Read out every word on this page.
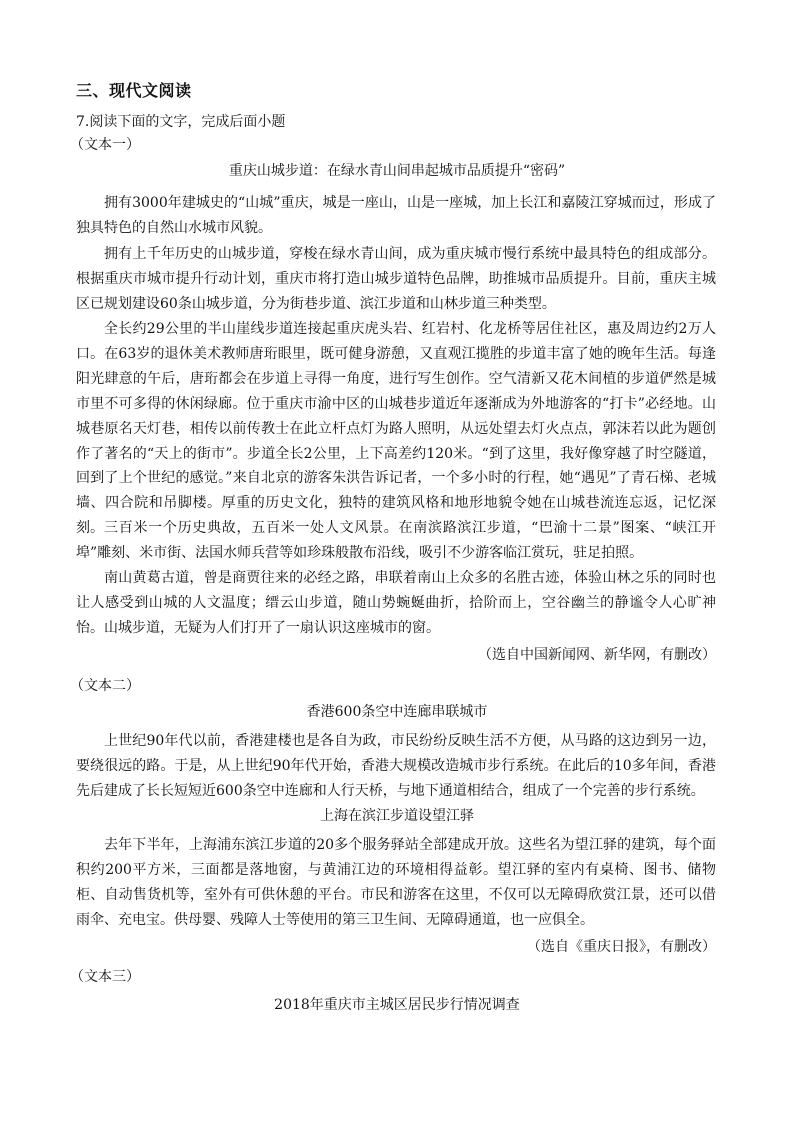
三、现代文阅读
7.阅读下面的文字，完成后面小题
（文本一）
重庆山城步道：在绿水青山间串起城市品质提升“密码”
拥有3000年建城史的“山城”重庆，城是一座山，山是一座城，加上长江和嘉陵江穿城而过，形成了独具特色的自然山水城市风貌。
拥有上千年历史的山城步道，穿梭在绿水青山间，成为重庆城市慢行系统中最具特色的组成部分。根据重庆市城市提升行动计划，重庆市将打造山城步道特色品牌，助推城市品质提升。目前，重庆主城区已规划建设60条山城步道，分为街巷步道、滨江步道和山林步道三种类型。
全长约29公里的半山崖线步道连接起重庆虎头岩、红岩村、化龙桥等居住社区，惠及周边约2万人口。在63岁的退休美术教师唐珩眼里，既可健身游憩，又直观江揽胜的步道丰富了她的晚年生活。每逢阳光肆意的午后，唐珩都会在步道上寻得一角度，进行写生创作。空气清新又花木间植的步道俨然是城市里不可多得的休闲绿廊。位于重庆市渝中区的山城巷步道近年逐渐成为外地游客的“打卡”必经地。山城巷原名天灯巷，相传以前传教士在此立杆点灯为路人照明，从远处望去灯火点点，郭沫若以此为题创作了著名的“天上的街市”。步道全长2公里，上下高差约120米。“到了这里，我好像穿越了时空隧道，回到了上个世纪的感觉。”来自北京的游客朱洪告诉记者，一个多小时的行程，她“遇见”了青石梯、老城墙、四合院和吊脚楼。厚重的历史文化，独特的建筑风格和地形地貌令她在山城巷流连忘返，记忆深刻。 三百米一个历史典故，五百米一处人文风景。在南滨路滨江步道，“巴渝十二景”图案、“峡江开埠”雕刻、米市街、法国水师兵营等如珍珠般散布沿线，吸引不少游客临江赏玩，驻足拍照。
南山黄葛古道，曾是商贾往来的必经之路，串联着南山上众多的名胜古迹，体验山林之乐的同时也让人感受到山城的人文温度；缙云山步道，随山势蜿蜒曲折，拾阶而上，空谷幽兰的静谧令人心旷神怡。 山城步道，无疑为人们打开了一扇认识这座城市的窗。
（选自中国新闻网、新华网，有删改）
（文本二）
香港600条空中连廊串联城市
上世纪90年代以前，香港建楼也是各自为政，市民纷纷反映生活不方便，从马路的这边到另一边，要绕很远的路。于是，从上世纪90年代开始，香港大规模改造城市步行系统。在此后的10多年间，香港先后建成了长长短短近600条空中连廊和人行天桥，与地下通道相结合，组成了一个完善的步行系统。
上海在滨江步道设望江驿
去年下半年，上海浦东滨江步道的20多个服务驿站全部建成开放。这些名为望江驿的建筑，每个面积约200平方米，三面都是落地窗，与黄浦江边的环境相得益彰。望江驿的室内有桌椅、图书、储物柜、自动售货机等，室外有可供休憩的平台。市民和游客在这里，不仅可以无障碍欣赏江景，还可以借雨伞、充电宝。供母婴、残障人士等使用的第三卫生间、无障碍通道，也一应俱全。
（选自《重庆日报》，有删改）
（文本三）
2018年重庆市主城区居民步行情况调查
